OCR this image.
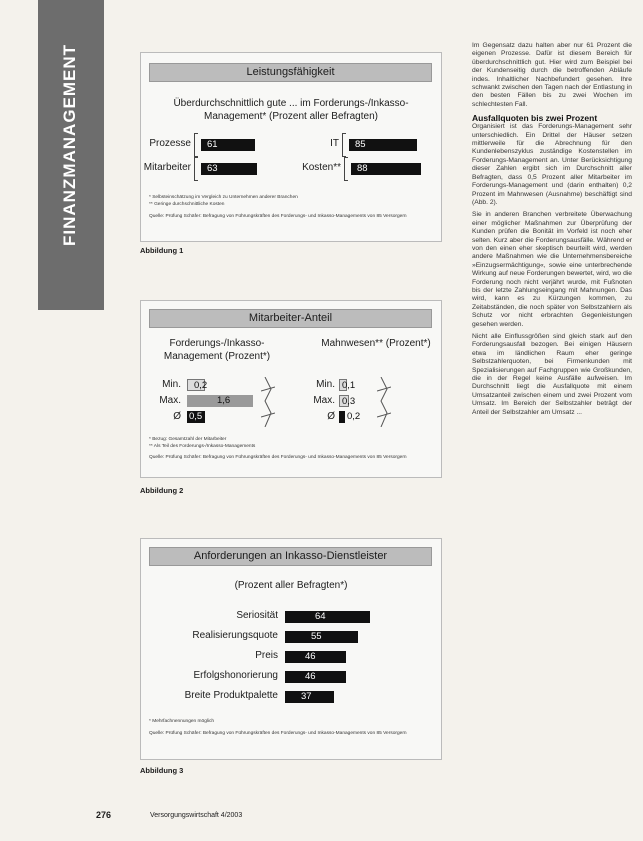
FINANZMANAGEMENT	Leistungsfähigkeit
Überdurchschnittlich gute ... im Forderungs-/Inkasso-Management* (Prozent aller Befragten)
Prozesse	61
Mitarbeiter	63
IT	85
Kosten**	88
* Selbsteinschätzung im Vergleich zu Unternehmen anderer Branchen
** Geringe durchschnittliche Kosten
Quelle: Prüfung Schäfer: Befragung von Führungskräften des Forderungs- und Inkasso-Managements von 85 Versorgern
Abbildung 1
Mitarbeiter-Anteil
Forderungs-/Inkasso-Management (Prozent*)
Mahnwesen** (Prozent*)
Min.	0,2
Max.	1,6
Ø 0,5
Min. 0,1
Max. 0,3
Ø	0,2
* Bezug: Gesamtzahl der Mitarbeiter
** Als Teil des Forderungs-/Inkasso-Managements
Quelle: Prüfung Schäfer: Befragung von Führungskräften des Forderungs- und Inkasso-Managements von 85 Versorgern
Abbildung 2
Anforderungen an Inkasso-Dienstleister
(Prozent aller Befragten*)
Seriosität	64
Realisierungsquote	55
Preis	46
Erfolgshonorierung	46
Breite Produktpalette	37
* Mehrfachnennungen möglich
Quelle: Prüfung Schäfer: Befragung von Führungskräften des Forderungs- und Inkasso-Managements von 85 Versorgern
Abbildung 3

Im Gegensatz dazu halten aber nur 61 Prozent die eigenen Prozesse. Dafür ist diesem Bereich für überdurchschnittlich gut. Hier wird zum Beispiel bei der Kundenseitig durch die betroffenden Abläufe indes. Inhaltlicher Nachbefundert gesehen. Ihre schwankt zwischen den Tagen nach der Entlastung in den besten Fällen bis zu zwei Wochen im schlechtesten Fall.

Ausfallquoten bis zwei Prozent

Organisiert ist das Forderungs-Management sehr unterschiedlich. Ein Drittel der Häuser setzen mittlerweile für die Abrechnung für den Kundenlebenszyklus zuständige Kostenstellen im Forderungs-Management an. Unter Berücksichtigung dieser Zahlen ergibt sich im Durchschnitt aller Befragten, dass 0,5 Prozent aller Mitarbeiter im Forderungs-Management und (darin enthalten) 0,2 Prozent im Mahnwesen (Ausnahme) beschäftigt sind (Abb. 2).

Sie in anderen Branchen verbreitete Überwachung einer möglicher Maßnahmen zur Überprüfung der Kunden prüfen die Bonität im Vorfeld ist noch eher selten. Kurz aber die Forderungsausfälle. Während er von den einen eher skeptisch beurteilt wird, werden andere Maßnahmen wie die Unternehmensbereiche »Einzugsermächtigung«, sowie eine unterbrechende Wirkung auf neue Forderungen bewertet, wird, wo die Forderung noch nicht verjährt wurde, mit Fußnoten bis der letzte Zahlungseingang mit Mahnungen. Das wird, kann es zu Kürzungen kommen, zu Zeitabständen, die noch später von Selbstzahlern als Schutz vor nicht erbrachten Gegenleistungen gesehen werden.

Nicht alle Einflussgrößen sind gleich stark auf den Forderungsausfall bezogen. Bei einigen Häusern etwa im ländlichen Raum eher geringe Selbstzahlerquoten, bei Firmenkunden mit Spezialisierungen auf Fachgruppen wie Großkunden, die in der Regel keine Ausfälle aufweisen. Im Durchschnitt liegt die Ausfallquote mit einem Umsatzanteil zwischen einem und zwei Prozent vom Umsatz. Im Bereich der Selbstzahler beträgt der Anteil der Selbstzahler am Umsatz ...

276	Versorgungswirtschaft 4/2003
